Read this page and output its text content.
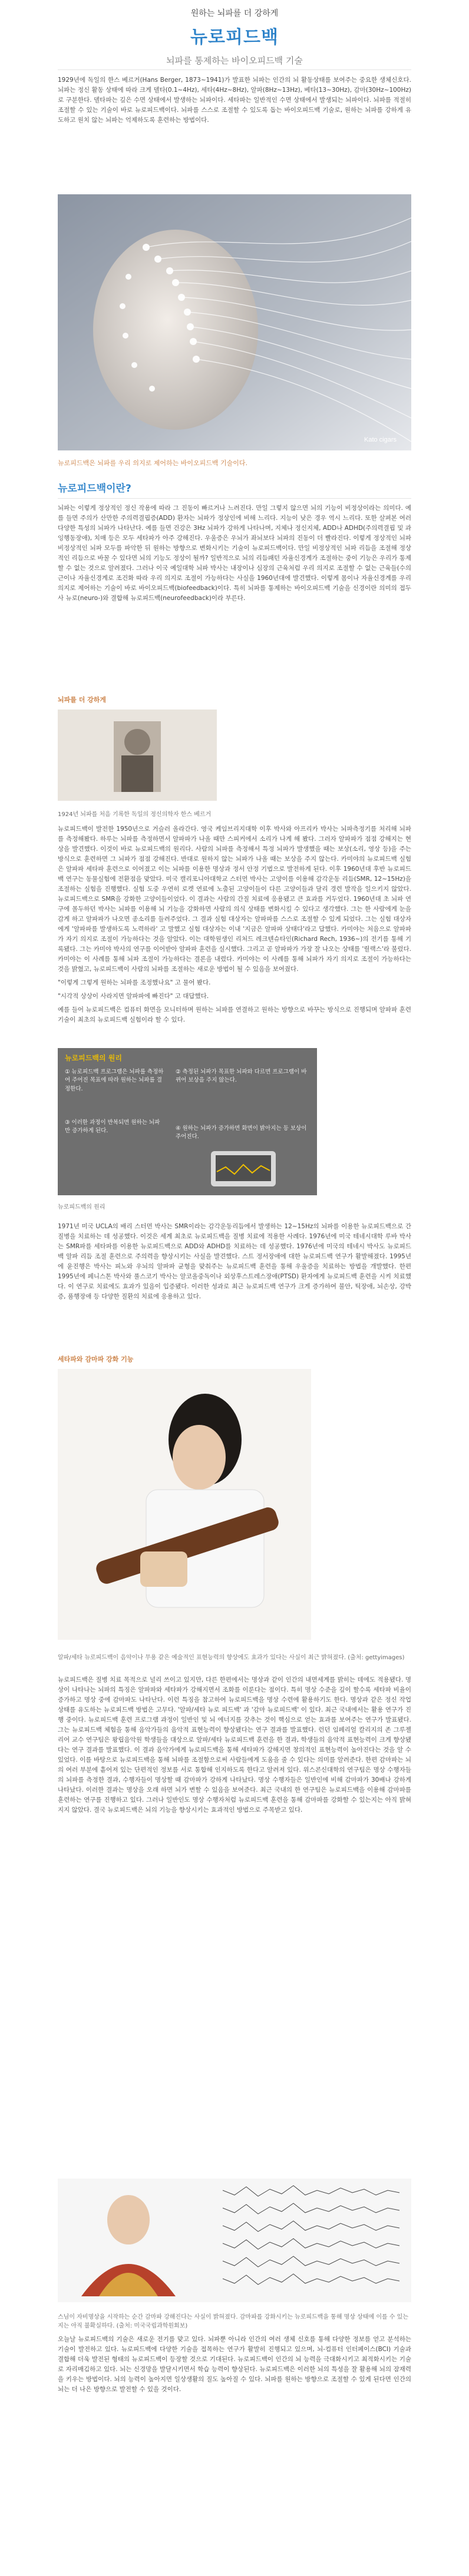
원하는 뇌파를 더 강하게

뉴로피드백

뇌파를 통제하는 바이오피드백 기술

1929년에 독일의 한스 베르거(Hans Berger, 1873~1941)가 발표한 뇌파는 인간의 뇌 활동상태를 보여주는 중요한 생체신호다. 뇌파는 정신 활동 상태에 따라 크게 델타(0.1~4Hz), 세타(4Hz~8Hz), 알파(8Hz~13Hz), 베타(13~30Hz), 감마(30Hz~100Hz)로 구분한다. 델타파는 깊은 수면 상태에서 발생하는 뇌파이다. 세타파는 일반적인 수면 상태에서 발생되는 뇌파이다. 뇌파를 적절히 조절할 수 있는 기술이 바로 뉴로피드백이다. 뇌파를 스스로 조절할 수 있도록 돕는 바이오피드백 기술로, 원하는 뇌파를 강하게 유도하고 원치 않는 뇌파는 억제하도록 훈련하는 방법이다.

Kato cigars
뉴로피드백은 뇌파를 우리 의지로 제어하는 바이오피드백 기술이다.
뉴로피드백이란?

뇌파는 이렇게 정상적인 정신 작용에 따라 그 진동이 빠르거나 느려진다. 만일 그렇지 않으면 뇌의 기능이 비정상이라는 의미다. 예를 들면 주의가 산만한 주의력결핍증(ADD) 환자는 뇌파가 정상인에 비해 느리다. 지능이 낮은 경우 역시 느리다. 또한 살펴본 여러 다양한 특성의 뇌파가 나타난다. 예를 들면 건강은 3Hz 뇌파가 강하게 나타나며, 지체나 정신지체, ADD나 ADHD(주의력결핍 및 과잉행동장애), 치매 등은 모두 세타파가 아주 강해진다. 우울증은 우뇌가 좌뇌보다 뇌파의 진동이 더 빨라진다. 이렇게 정상적인 뇌파 비정상적인 뇌파 모두를 파악한 뒤 원하는 방향으로 변화시키는 기술이 뉴로피드백이다. 만일 비정상적인 뇌파 리듬을 조절해 정상적인 리듬으로 바꿀 수 있다면 뇌의 기능도 정상이 될까? 일반적으로 뇌의 리듬패턴 자율신경계가 조절하는 중이 기능은 우리가 통제할 수 없는 것으로 알려졌다. 그러나 이국 예일대학 뇌파 박사는 내장이나 심장의 근육처럼 우리 의지로 조절할 수 없는 근육들(수의근이나 자율신경계로 조건화 따라 우리 의지로 조절이 가능하다는 사실을 1960년대에 발견했다. 이렇게 몸이나 자율신경계를 우리 의지로 제어하는 기술이 바로 바이오피드백(biofeedback)이다. 특히 뇌파를 통제하는 바이오피드백 기술을 신경이란 의미의 접두사 뉴로(neuro-)와 결합해 뉴로피드백(neurofeedback)이라 부른다.

뇌파를 더 강하게
1924년 뇌파를 처음 기록한 독일의 정신의학자 한스 베르거

뉴로피드백이 발전한 1950년으로 거슬러 올라간다. 영국 케임브리지대학 이후 박사와 아프리카 박사는 뇌파측정기를 처리해 뇌파를 측정해봤다. 하루는 뇌파를 측정하면서 알파파가 나올 때만 스피커에서 소리가 나게 해 봤다. 그러자 알파파가 점점 강해지는 현상을 발견했다. 이것이 바로 뉴로피드백의 원리다. 사람의 뇌파를 측정해서 특정 뇌파가 발생했을 때는 보상(소리, 영상 등)을 주는 방식으로 훈련하면 그 뇌파가 점점 강해진다. 반대로 원하지 않는 뇌파가 나올 때는 보상을 주지 않는다. 카미야의 뉴로피드백 실험은 알파파 세타파 훈련으로 이어졌고 이는 뇌파를 이용한 명상과 정서 안정 기법으로 발전하게 된다. 이후 1960년대 후반 뉴로피드백 연구는 동물실험에 전환점을 맞았다. 미국 캘리포니아대학교 스터먼 박사는 고양이를 이용해 감각운동 리듬(SMR, 12~15Hz)을 조절하는 실험을 진행했다. 실험 도중 우연히 로켓 연료에 노출된 고양이들이 다른 고양이들과 달리 경련 발작을 일으키지 않았다. 뉴로피드백으로 SMR을 강화한 고양이들이었다. 이 결과는 사람의 간질 치료에 응용됐고 큰 효과를 거두었다. 1960년대 초 뇌파 연구에 몰두하던 박사는 뇌파를 이용해 뇌 기능을 강화하면 사람의 의식 상태를 변화시킬 수 있다고 생각했다. 그는 한 사람에게 눈을 감게 하고 알파파가 나오면 종소리를 들려주었다. 그 결과 실험 대상자는 알파파를 스스로 조절할 수 있게 되었다. 그는 실험 대상자에게 '알파파를 발생하도록 노력하라' 고 말했고 실험 대상자는 이내 '지금은 알파파 상태다'라고 답했다. 카미야는 처음으로 알파파가 자기 의지로 조절이 가능하다는 것을 알았다. 이는 대학원생인 리처드 레크텐슈타인(Richard Rech, 1936~)의 전기를 통해 기록됐다. 그는 카미야 박사의 연구를 이어받아 알파파 훈련을 실시했다. 그리고 곧 알파파가 가장 잘 나오는 상태를 '릴랙스'라 불렀다. 카미야는 이 사례를 통해 뇌파 조절이 가능하다는 결론을 내렸다. 카미야는 이 사례를 통해 뇌파가 자기 의지로 조절이 가능하다는 것을 밝혔고, 뉴로피드백이 사람의 뇌파를 조절하는 새로운 방법이 될 수 있음을 보여줬다.

"이렇게 그렇게 원하는 뇌파를 조정했나요" 고 물어 봤다.

"시각적 상상이 사라지면 알파파에 빠진다" 고 대답했다.

예를 들어 뉴로피드백은 컴퓨터 화면을 모니터하며 원하는 뇌파를 연결하고 원하는 방향으로 바꾸는 방식으로 진행되며 알파파 훈련 기술이 최초의 뉴로피드백 실험이라 할 수 있다.

뉴로피드백의 원리
① 뉴로피드백 프로그램은 뇌파를 측정하여 주어진 목표에 따라 원하는 뇌파를 결정한다.
② 측정된 뇌파가 목표한 뇌파와 다르면 프로그램이 바뀌어 보상을 주지 않는다.
③ 이러한 과정이 반복되면 원하는 뇌파만 증가하게 된다.	④ 원하는 뇌파가 증가하면 화면이 밝아지는 등 보상이 주어진다.
뉴로피드백의 원리

1971년 미국 UCLA의 배리 스터먼 박사는 SMR이라는 감각운동리듬에서 발생하는 12~15Hz의 뇌파를 이용한 뉴로피드백으로 간질병을 치료하는 데 성공했다. 이것은 세계 최초로 뉴로피드백을 질병 치료에 적용한 사례다. 1976년에 미국 테네시대학 루바 박사는 SMR파를 세타파를 이용한 뉴로피드백으로 ADD와 ADHD를 치료하는 데 성공했다. 1976년에 미국의 테네시 박사도 뉴로피드백 알파 리듬 조절 훈련으로 주의력을 향상시키는 사실을 발견했다. 스트 정서장애에 대한 뉴로피드백 연구가 활발해졌다. 1995년에 윤진행은 박사는 피노와 우뇌의 알파파 균형을 맞춰주는 뉴로피드백 훈련을 통해 우울증을 치료하는 방법을 개발했다. 한편 1995년에 페니스톤 박사와 풀스코기 박사는 알코올중독이나 외상후스트레스장애(PTSD) 환자에게 뉴로피드백 훈련을 시켜 치료했다. 이 연구로 치료에도 효과가 있음이 입증됐다. 이러한 성과로 최근 뉴로피드백 연구가 크게 증가하여 불안, 틱장애, 뇌손상, 강박증, 품행장애 등 다양한 질환의 치료에 응용하고 있다.

세타파와 감마파 강화 기능
알파/세타 뉴로피드백이 음악이나 무용 같은 예술적인 표현능력의 향상에도 효과가 있다는 사실이 최근 밝혀졌다. (출처: gettyimages)

뉴로피드백은 질병 치료 목적으로 널리 쓰이고 있지만, 다른 한편에서는 명상과 같이 인간의 내면세계를 밝히는 데에도 적용됐다. 명상이 나타나는 뇌파의 특징은 알파파와 세타파가 강해지면서 조화를 이룬다는 점이다. 특히 명상 수준을 깊이 할수록 세타파 비율이 증가하고 명상 중에 감마파도 나타난다. 이런 특징을 참고하여 뉴로피드백을 명상 수련에 활용하기도 한다. 명상과 같은 정신 작업 상태를 유도하는 뉴로피드백 방법은 고무다. '알파/세타 뉴로 피드백' 과 '감마 뉴로피드백' 이 있다. 최근 국내에서는 활용 연구가 진행 중이다. 뉴로피드백 훈련 프로그램 과정이 일반인 및 뇌 에너지를 갖추는 것이 핵심으로 얻는 효과를 보여주는 연구가 발표됐다. 그는 뉴로피드백 체험을 통해 음악가들의 음악적 표현능력이 향상됐다는 연구 결과를 발표했다. 런던 임페리얼 칼리지의 존 그루젤리어 교수 연구팀은 왕립음악원 학생들을 대상으로 알파/세타 뉴로피드백 훈련을 한 결과, 학생들의 음악적 표현능력이 크게 향상됐다는 연구 결과를 발표했다. 이 결과 음악가에게 뉴로피드백을 통해 세타파가 강해지면 창의적인 표현능력이 높아진다는 것을 알 수 있었다. 이를 바탕으로 뉴로피드백을 통해 뇌파를 조절함으로써 사람들에게 도움을 줄 수 있다는 의미를 알려준다. 한편 감마파는 뇌의 여러 부분에 흩어져 있는 단편적인 정보를 서로 통합해 인지하도록 한다고 알려져 있다. 위스콘신대학의 연구팀은 명상 수행자들의 뇌파를 측정한 결과, 수행자들이 명상할 때 감마파가 강하게 나타났다. 명상 수행자들은 일반인에 비해 감마파가 30배나 강하게 나타났다. 이러한 결과는 명상을 오래 하면 뇌가 변할 수 있음을 보여준다. 최근 국내의 한 연구팀은 뉴로피드백을 이용해 감마파를 훈련하는 연구를 진행하고 있다. 그러나 일반인도 명상 수행자처럼 뉴로피드백 훈련을 통해 감마파를 강화할 수 있는지는 아직 밝혀지지 않았다. 결국 뉴로피드백은 뇌의 기능을 향상시키는 효과적인 방법으로 주목받고 있다.

스님이 자비명상을 시작하는 순간 감마파 강해진다는 사실이 밝혀졌다. 감마파를 강화시키는 뉴로피드백을 통해 명상 상태에 이를 수 있는지는 아직 불확실하다. (출처: 미국국립과학원회보)

오늘날 뉴로피드백의 기술은 새로운 전기를 맞고 있다. 뇌파뿐 아니라 인간의 여러 생체 신호를 통해 다양한 정보를 얻고 분석하는 기술이 발전하고 있다. 뉴로피드백에 다양한 기술을 접목하는 연구가 활발히 진행되고 있으며, 뇌-컴퓨터 인터페이스(BCI) 기술과 결합해 더욱 발전된 형태의 뉴로피드백이 등장할 것으로 기대된다. 뉴로피드백이 인간의 뇌 능력을 극대화시키고 최적화시키는 기술로 자리매김하고 있다. 뇌는 신경망을 발달시키면서 학습 능력이 향상된다. 뉴로피드백은 이러한 뇌의 특성을 잘 활용해 뇌의 잠재력을 키우는 방법이다. 뇌의 능력이 높아지면 일상생활의 질도 높아질 수 있다. 뇌파를 원하는 방향으로 조절할 수 있게 된다면 인간의 뇌는 더 나은 방향으로 발전할 수 있을 것이다.
